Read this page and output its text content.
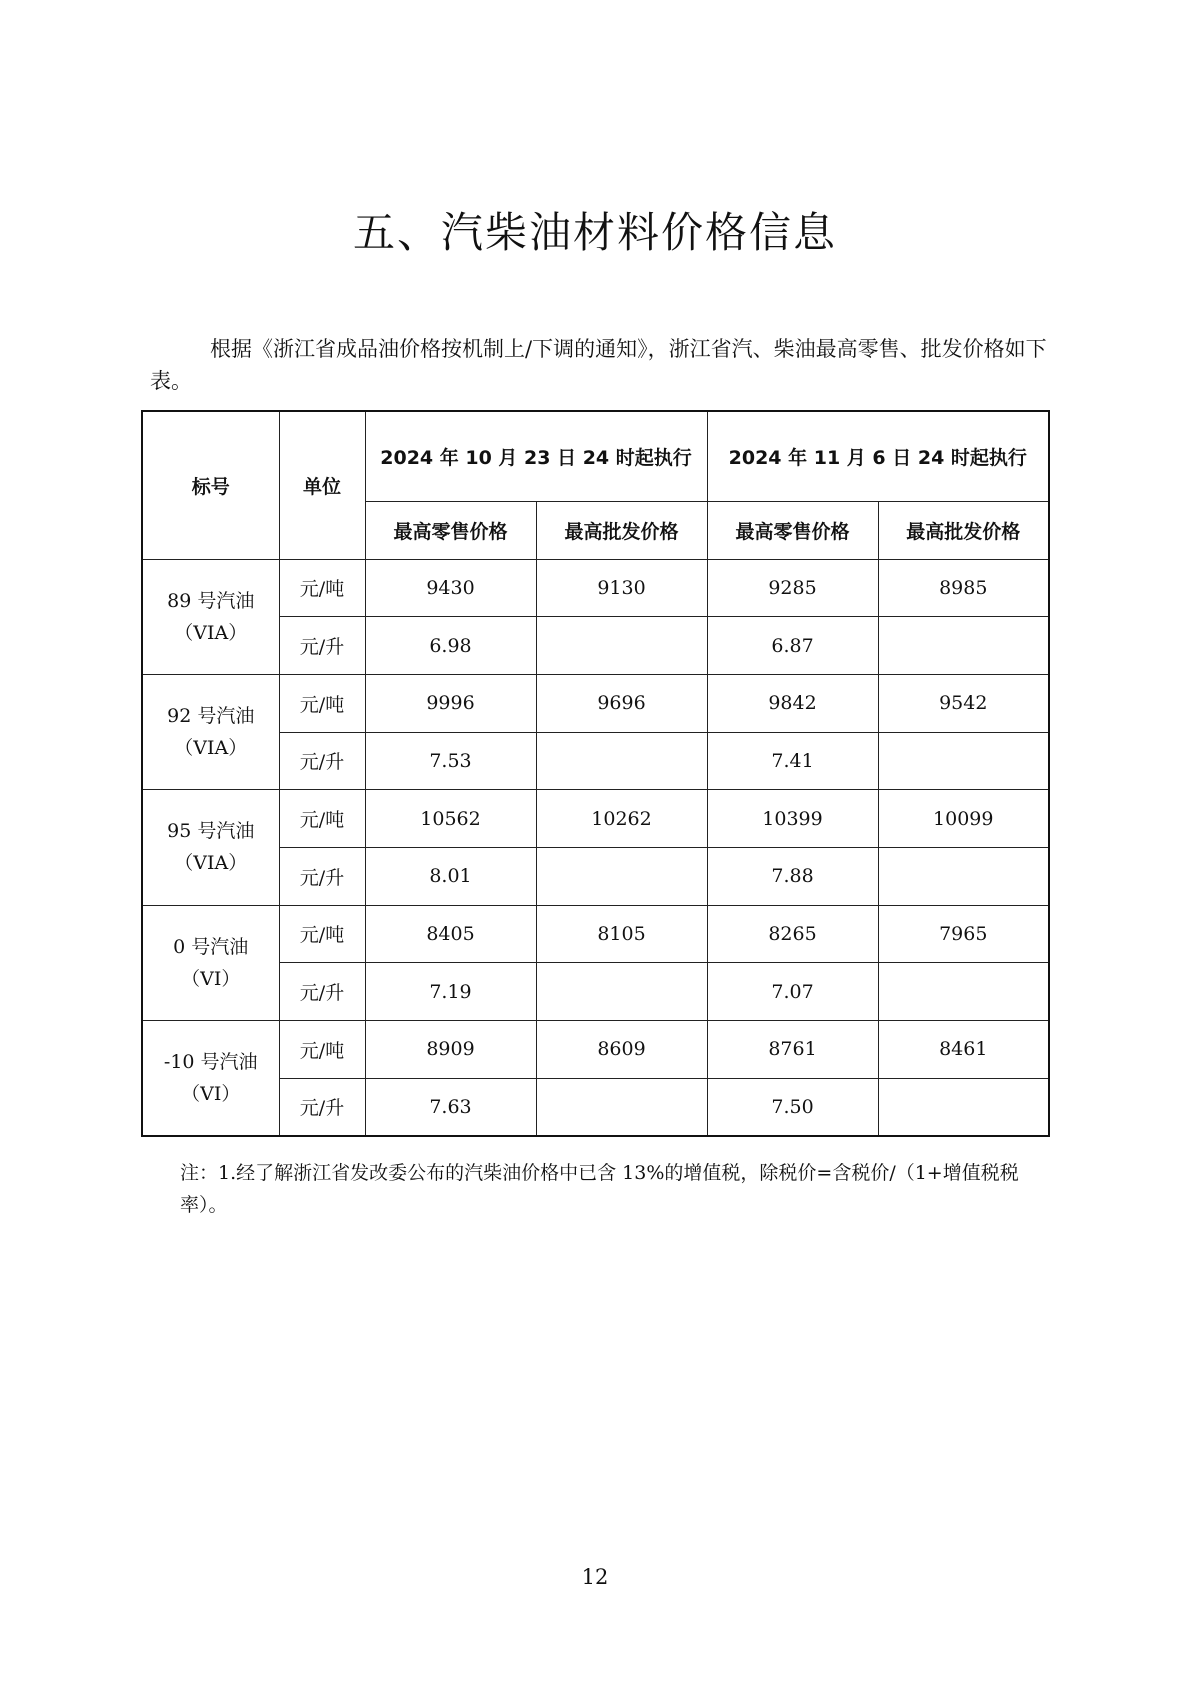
五、汽柴油材料价格信息

根据《浙江省成品油价格按机制上/下调的通知》，浙江省汽、柴油最高零售、批发价格如下表。

标号	单位	2024 年 10 月 23 日 24 时起执行		2024 年 11 月 6 日 24 时起执行	
		最高零售价格	最高批发价格	最高零售价格	最高批发价格

89 号汽油
（VIA）	元/吨	9430	9130	9285	8985
	元/升	6.98		6.87	

92 号汽油
（VIA）	元/吨	9996	9696	9842	9542
	元/升	7.53		7.41	

95 号汽油
（VIA）	元/吨	10562	10262	10399	10099
	元/升	8.01		7.88	

0 号汽油
（VI）	元/吨	8405	8105	8265	7965
	元/升	7.19		7.07	

-10 号汽油
（VI）	元/吨	8909	8609	8761	8461
	元/升	7.63		7.50	

注：1.经了解浙江省发改委公布的汽柴油价格中已含 13%的增值税，除税价=含税价/（1+增值税税率）。

12
